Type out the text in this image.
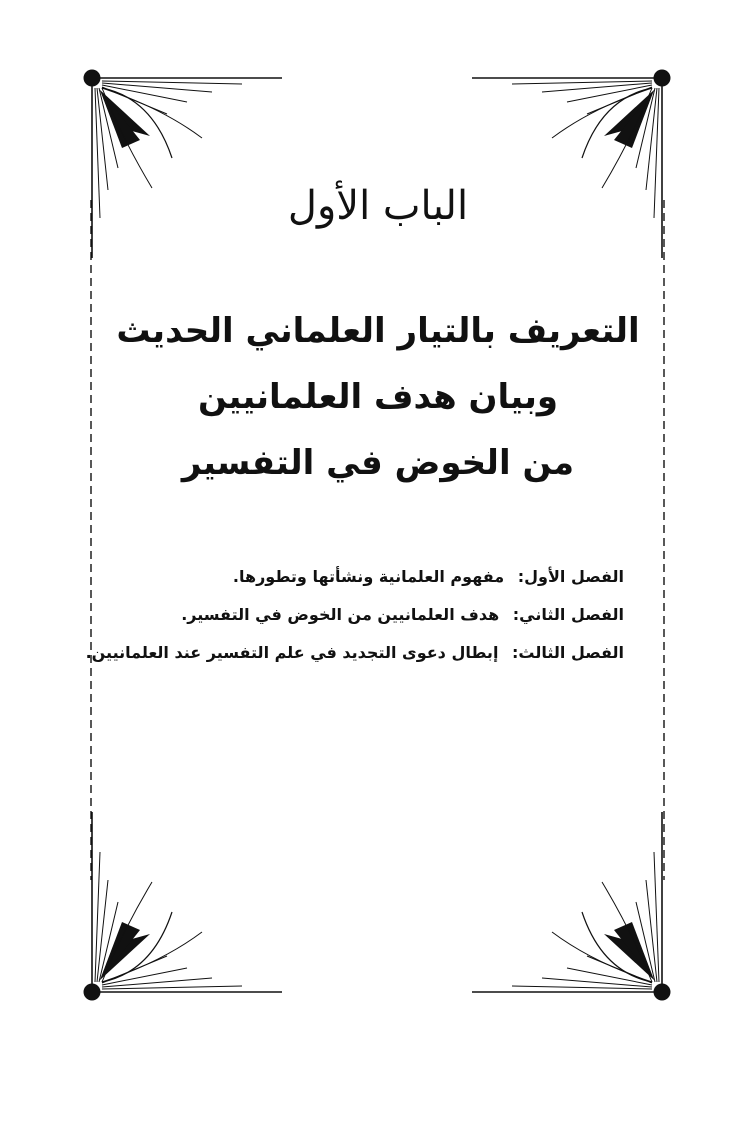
الباب الأول
التعريف بالتيار العلماني الحديث
وبيان هدف العلمانيين
من الخوض في التفسير
الفصل الأول: مفهوم العلمانية ونشأتها وتطورها.
الفصل الثاني: هدف العلمانيين من الخوض في التفسير.
الفصل الثالث: إبطال دعوى التجديد في علم التفسير عند العلمانيين.
